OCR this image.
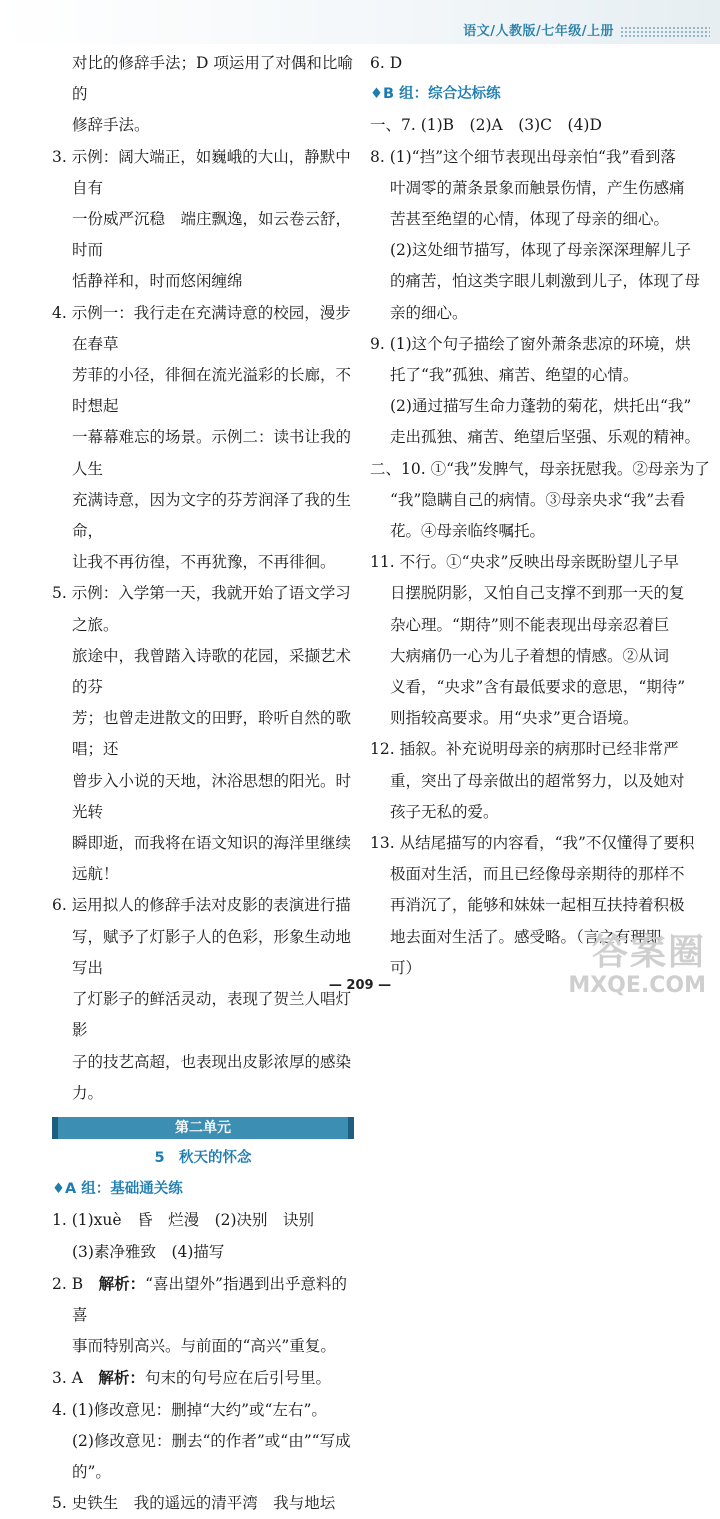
语文/人教版/七年级/上册

对比的修辞手法；D 项运用了对偶和比喻的

修辞手法。

3. 示例：阔大端正，如巍峨的大山，静默中自有
一份威严沉稳　端庄飘逸，如云卷云舒，时而
恬静祥和，时而悠闲缠绵
4. 示例一：我行走在充满诗意的校园，漫步在春草
芳菲的小径，徘徊在流光溢彩的长廊，不时想起
一幕幕难忘的场景。示例二：读书让我的人生
充满诗意，因为文字的芬芳润泽了我的生命，
让我不再彷徨，不再犹豫，不再徘徊。
5. 示例：入学第一天，我就开始了语文学习之旅。
旅途中，我曾踏入诗歌的花园，采撷艺术的芬
芳；也曾走进散文的田野，聆听自然的歌唱；还
曾步入小说的天地，沐浴思想的阳光。时光转
瞬即逝，而我将在语文知识的海洋里继续远航！
6. 运用拟人的修辞手法对皮影的表演进行描
写，赋予了灯影子人的色彩，形象生动地写出
了灯影子的鲜活灵动，表现了贺兰人唱灯影
子的技艺高超，也表现出皮影浓厚的感染力。
第二单元

5　秋天的怀念

♦A 组：基础通关练

1. (1)xuè　昏　烂漫　(2)决别　诀别
(3)素净雅致　(4)描写
2. B　解析：“喜出望外”指遇到出乎意料的喜
事而特别高兴。与前面的“高兴”重复。
3. A　解析：句末的句号应在后引号里。
4. (1)修改意见：删掉“大约”或“左右”。
(2)修改意见：删去“的作者”或“由”“写成的”。

5. 史铁生　我的遥远的清平湾　我与地坛

6. D

♦B 组：综合达标练

一、7. (1)B　(2)A　(3)C　(4)D

8. (1)“挡”这个细节表现出母亲怕“我”看到落
叶凋零的萧条景象而触景伤情，产生伤感痛
苦甚至绝望的心情，体现了母亲的细心。
(2)这处细节描写，体现了母亲深深理解儿子
的痛苦，怕这类字眼儿刺激到儿子，体现了母
亲的细心。
9. (1)这个句子描绘了窗外萧条悲凉的环境，烘
托了“我”孤独、痛苦、绝望的心情。
(2)通过描写生命力蓬勃的菊花，烘托出“我”
走出孤独、痛苦、绝望后坚强、乐观的精神。
二、10. ①“我”发脾气，母亲抚慰我。②母亲为了
“我”隐瞒自己的病情。③母亲央求“我”去看
花。④母亲临终嘱托。
11. 不行。①“央求”反映出母亲既盼望儿子早
日摆脱阴影，又怕自己支撑不到那一天的复
杂心理。“期待”则不能表现出母亲忍着巨
大病痛仍一心为儿子着想的情感。②从词
义看，“央求”含有最低要求的意思，“期待”
则指较高要求。用“央求”更合语境。
12. 插叙。补充说明母亲的病那时已经非常严
重，突出了母亲做出的超常努力，以及她对
孩子无私的爱。
13. 从结尾描写的内容看，“我”不仅懂得了要积
极面对生活，而且已经像母亲期待的那样不
再消沉了，能够和妹妹一起相互扶持着积极
地去面对生活了。感受略。（言之有理即
可）
— 209 —
答案圈
MXQE.COM
